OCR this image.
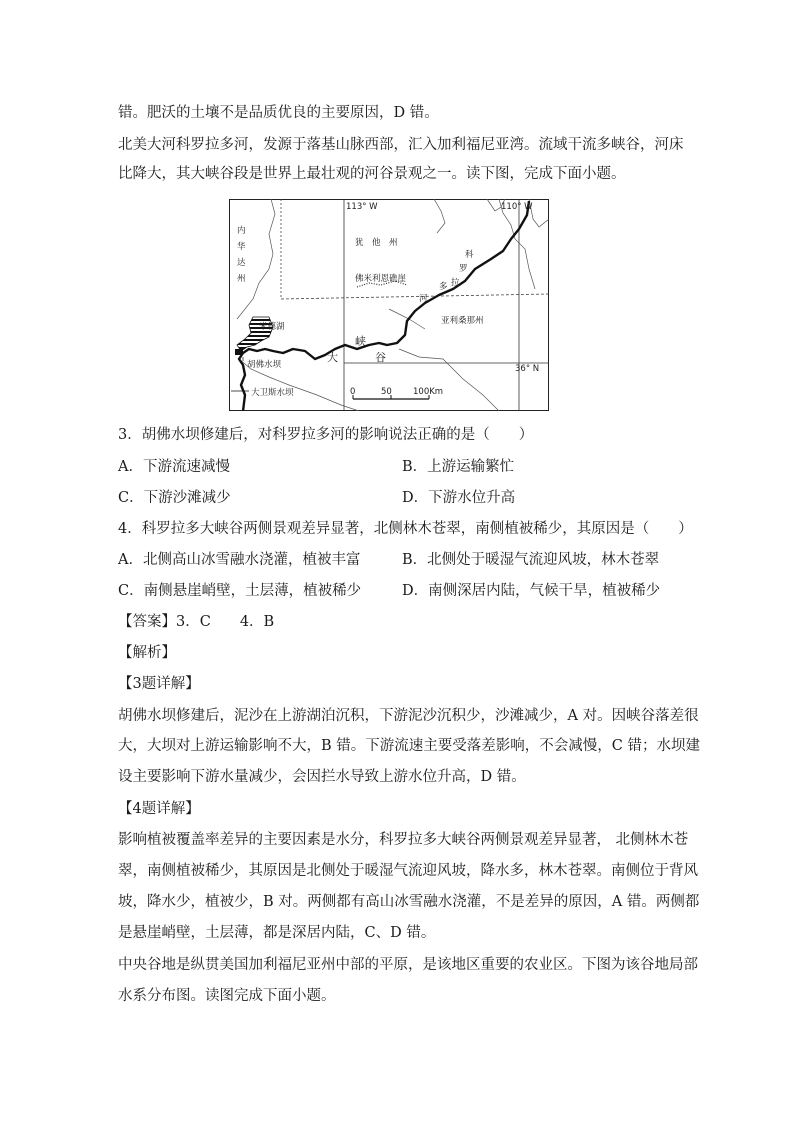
错。肥沃的土壤不是品质优良的主要原因，D 错。
北美大河科罗拉多河，发源于落基山脉西部，汇入加利福尼亚湾。流域干流多峡谷，河床
比降大，其大峡谷段是世界上最壮观的河谷景观之一。读下图，完成下面小题。
113° W	110° W
36° N
内
华
达
州
犹　他　州
亚利桑那州
科
罗
拉
多
河
佛米利恩礁崖
大
峡
谷
米德湖
胡佛水坝
大卫斯水坝	0	50 100Km
3．胡佛水坝修建后，对科罗拉多河的影响说法正确的是（　　）
A．下游流速减慢	B．上游运输繁忙
C．下游沙滩减少	D．下游水位升高
4．科罗拉多大峡谷两侧景观差异显著，北侧林木苍翠，南侧植被稀少，其原因是（　　）
A．北侧高山冰雪融水浇灌，植被丰富	B．北侧处于暖湿气流迎风坡，林木苍翠
C．南侧悬崖峭壁，土层薄，植被稀少	D．南侧深居内陆，气候干旱，植被稀少
【答案】3．C　　4．B
【解析】
【3题详解】
胡佛水坝修建后，泥沙在上游湖泊沉积，下游泥沙沉积少，沙滩减少，A 对。因峡谷落差很
大，大坝对上游运输影响不大，B 错。下游流速主要受落差影响，不会减慢，C 错；水坝建
设主要影响下游水量减少，会因拦水导致上游水位升高，D 错。
【4题详解】
影响植被覆盖率差异的主要因素是水分，科罗拉多大峡谷两侧景观差异显著， 北侧林木苍
翠，南侧植被稀少，其原因是北侧处于暖湿气流迎风坡，降水多，林木苍翠。南侧位于背风
坡，降水少，植被少，B 对。两侧都有高山冰雪融水浇灌，不是差异的原因，A 错。两侧都
是悬崖峭壁，土层薄，都是深居内陆，C、D 错。
中央谷地是纵贯美国加利福尼亚州中部的平原，是该地区重要的农业区。下图为该谷地局部
水系分布图。读图完成下面小题。
